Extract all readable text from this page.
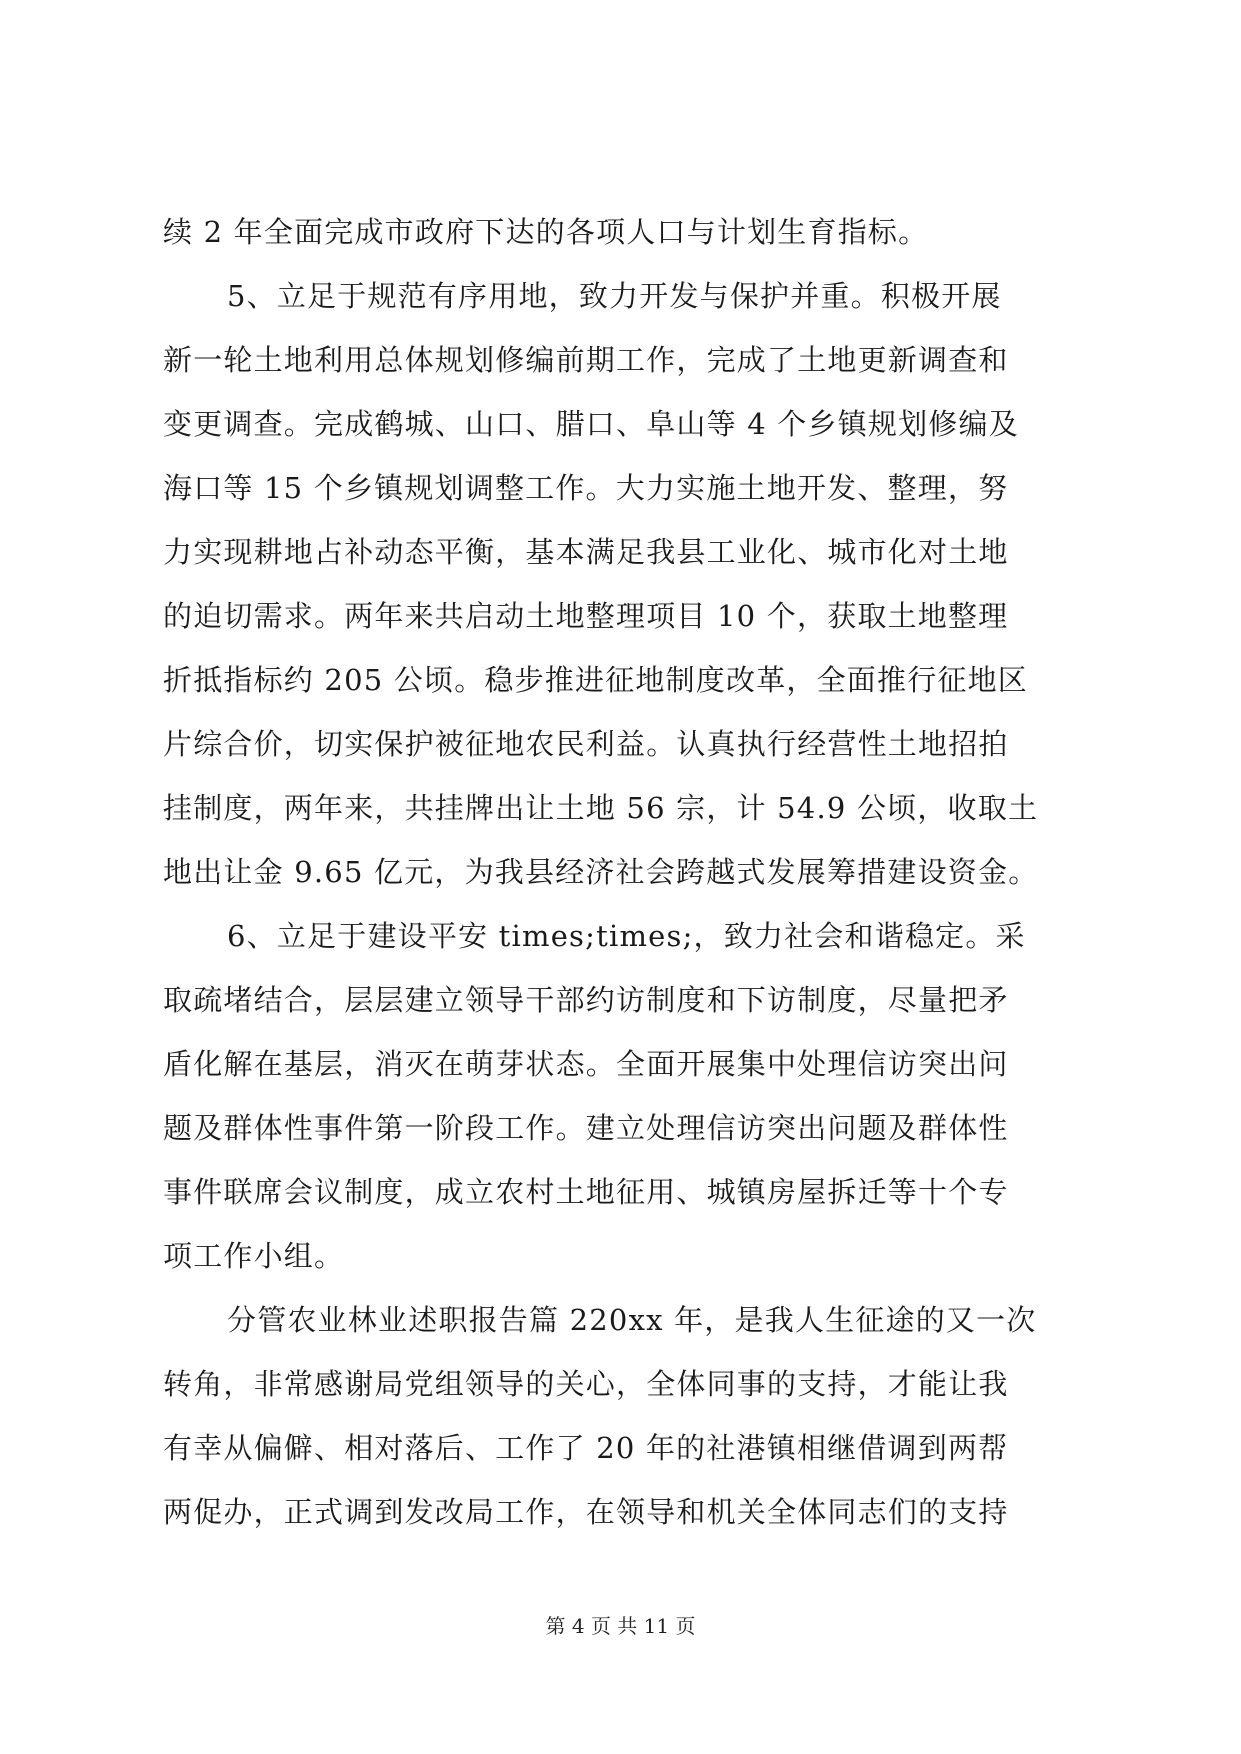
续 2 年全面完成市政府下达的各项人口与计划生育指标。
5、立足于规范有序用地，致力开发与保护并重。积极开展
新一轮土地利用总体规划修编前期工作，完成了土地更新调查和
变更调查。完成鹤城、山口、腊口、阜山等 4 个乡镇规划修编及
海口等 15 个乡镇规划调整工作。大力实施土地开发、整理，努
力实现耕地占补动态平衡，基本满足我县工业化、城市化对土地
的迫切需求。两年来共启动土地整理项目 10 个，获取土地整理
折抵指标约 205 公顷。稳步推进征地制度改革，全面推行征地区
片综合价，切实保护被征地农民利益。认真执行经营性土地招拍
挂制度，两年来，共挂牌出让土地 56 宗，计 54.9 公顷，收取土
地出让金 9.65 亿元，为我县经济社会跨越式发展筹措建设资金。
6、立足于建设平安 times;times;，致力社会和谐稳定。采
取疏堵结合，层层建立领导干部约访制度和下访制度，尽量把矛
盾化解在基层，消灭在萌芽状态。全面开展集中处理信访突出问
题及群体性事件第一阶段工作。建立处理信访突出问题及群体性
事件联席会议制度，成立农村土地征用、城镇房屋拆迁等十个专
项工作小组。
分管农业林业述职报告篇 220xx 年，是我人生征途的又一次
转角，非常感谢局党组领导的关心，全体同事的支持，才能让我
有幸从偏僻、相对落后、工作了 20 年的社港镇相继借调到两帮
两促办，正式调到发改局工作，在领导和机关全体同志们的支持
第 4 页 共 11 页
